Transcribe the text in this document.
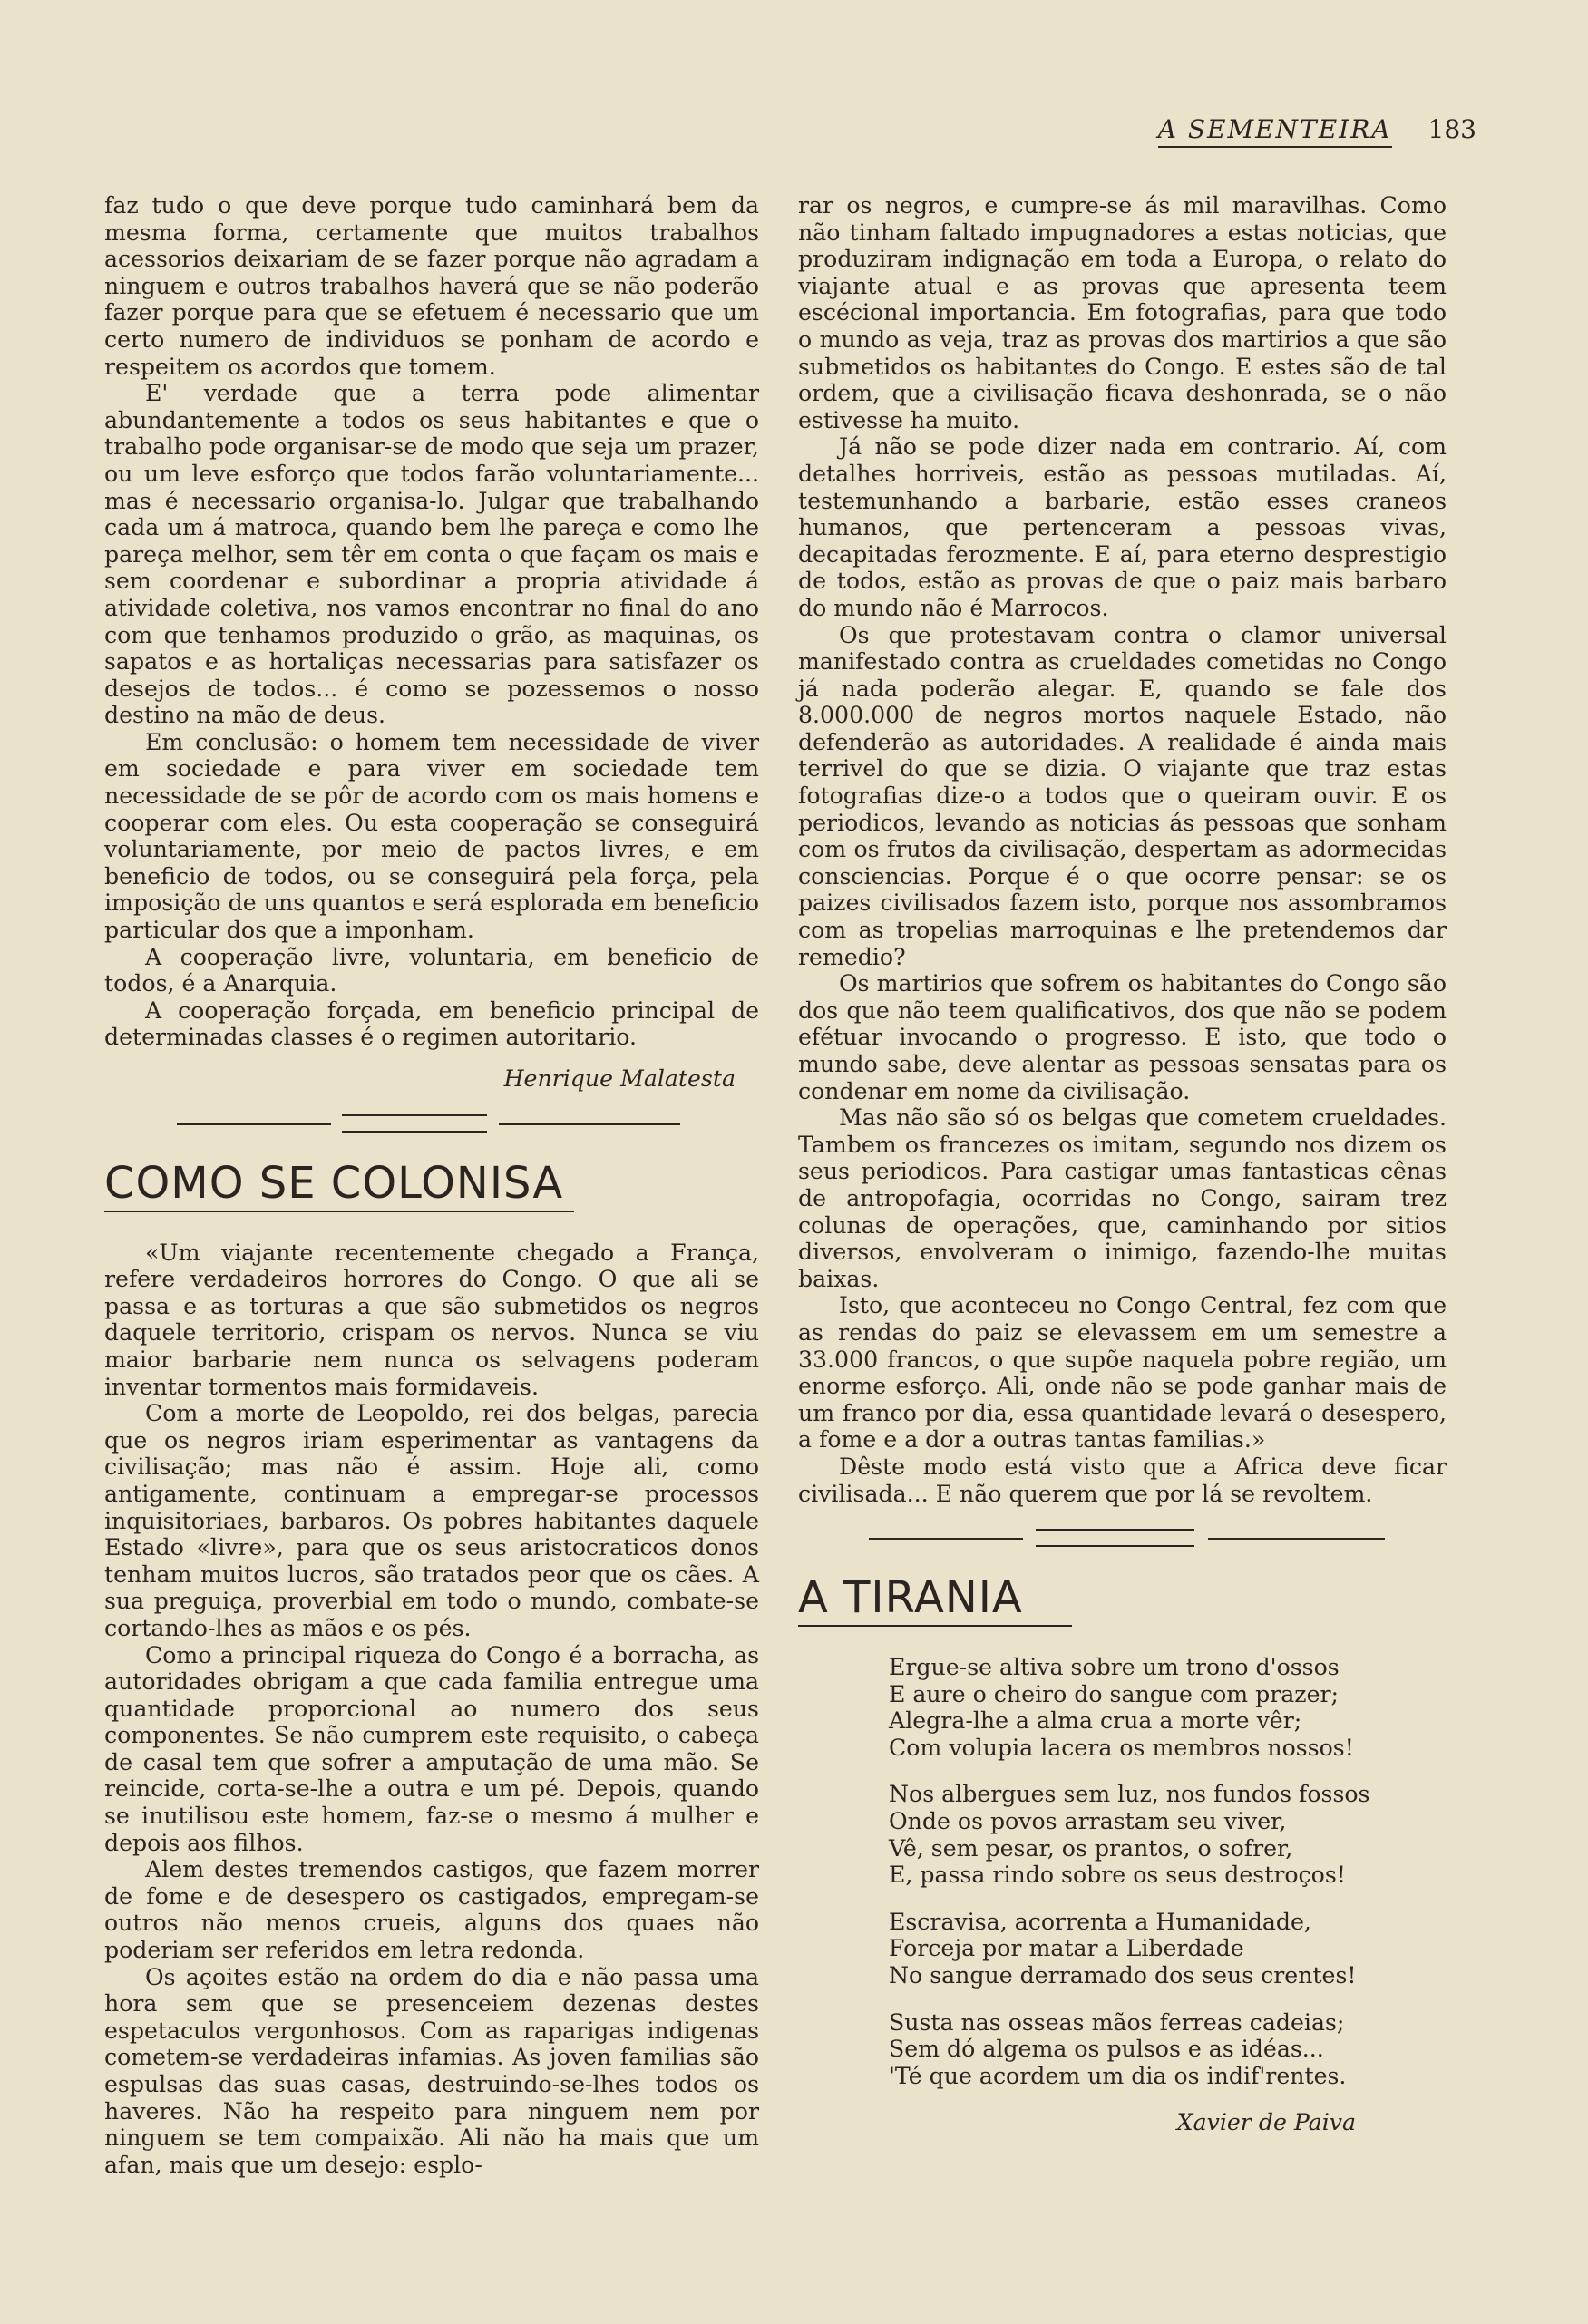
A SEMENTEIRA 183

faz tudo o que deve porque tudo caminhará bem da mesma forma, certamente que muitos trabalhos acessorios deixariam de se fazer porque não agradam a ninguem e outros trabalhos haverá que se não poderão fazer porque para que se efetuem é necessario que um certo numero de individuos se ponham de acordo e respeitem os acordos que tomem.

E' verdade que a terra pode alimentar abundantemente a todos os seus habitantes e que o trabalho pode organisar-se de modo que seja um prazer, ou um leve esforço que todos farão voluntariamente... mas é necessario organisa-lo. Julgar que trabalhando cada um á matroca, quando bem lhe pareça e como lhe pareça melhor, sem têr em conta o que façam os mais e sem coordenar e subordinar a propria atividade á atividade coletiva, nos vamos encontrar no final do ano com que tenhamos produzido o grão, as maquinas, os sapatos e as hortaliças necessarias para satisfazer os desejos de todos... é como se pozessemos o nosso destino na mão de deus.

Em conclusão: o homem tem necessidade de viver em sociedade e para viver em sociedade tem necessidade de se pôr de acordo com os mais homens e cooperar com eles. Ou esta cooperação se conseguirá voluntariamente, por meio de pactos livres, e em beneficio de todos, ou se conseguirá pela força, pela imposição de uns quantos e será esplorada em beneficio particular dos que a imponham.

A cooperação livre, voluntaria, em beneficio de todos, é a Anarquia.

A cooperação forçada, em beneficio principal de determinadas classes é o regimen autoritario.

Henrique Malatesta

COMO SE COLONISA

«Um viajante recentemente chegado a França, refere verdadeiros horrores do Congo. O que ali se passa e as torturas a que são submetidos os negros daquele territorio, crispam os nervos. Nunca se viu maior barbarie nem nunca os selvagens poderam inventar tormentos mais formidaveis.

Com a morte de Leopoldo, rei dos belgas, parecia que os negros iriam esperimentar as vantagens da civilisação; mas não é assim. Hoje ali, como antigamente, continuam a empregar-se processos inquisitoriaes, barbaros. Os pobres habitantes daquele Estado «livre», para que os seus aristocraticos donos tenham muitos lucros, são tratados peor que os cães. A sua preguiça, proverbial em todo o mundo, combate-se cortando-lhes as mãos e os pés.

Como a principal riqueza do Congo é a borracha, as autoridades obrigam a que cada familia entregue uma quantidade proporcional ao numero dos seus componentes. Se não cumprem este requisito, o cabeça de casal tem que sofrer a amputação de uma mão. Se reincide, corta-se-lhe a outra e um pé. Depois, quando se inutilisou este homem, faz-se o mesmo á mulher e depois aos filhos.

Alem destes tremendos castigos, que fazem morrer de fome e de desespero os castigados, empregam-se outros não menos crueis, alguns dos quaes não poderiam ser referidos em letra redonda.

Os açoites estão na ordem do dia e não passa uma hora sem que se presenceiem dezenas destes espetaculos vergonhosos. Com as raparigas indigenas cometem-se verdadeiras infamias. As joven familias são espulsas das suas casas, destruindo-se-lhes todos os haveres. Não ha respeito para ninguem nem por ninguem se tem compaixão. Ali não ha mais que um afan, mais que um desejo: esplo-

rar os negros, e cumpre-se ás mil maravilhas. Como não tinham faltado impugnadores a estas noticias, que produziram indignação em toda a Europa, o relato do viajante atual e as provas que apresenta teem escécional importancia. Em fotografias, para que todo o mundo as veja, traz as provas dos martirios a que são submetidos os habitantes do Congo. E estes são de tal ordem, que a civilisação ficava deshonrada, se o não estivesse ha muito.

Já não se pode dizer nada em contrario. Aí, com detalhes horriveis, estão as pessoas mutiladas. Aí, testemunhando a barbarie, estão esses craneos humanos, que pertenceram a pessoas vivas, decapitadas ferozmente. E aí, para eterno desprestigio de todos, estão as provas de que o paiz mais barbaro do mundo não é Marrocos.

Os que protestavam contra o clamor universal manifestado contra as crueldades cometidas no Congo já nada poderão alegar. E, quando se fale dos 8.000.000 de negros mortos naquele Estado, não defenderão as autoridades. A realidade é ainda mais terrivel do que se dizia. O viajante que traz estas fotografias dize-o a todos que o queiram ouvir. E os periodicos, levando as noticias ás pessoas que sonham com os frutos da civilisação, despertam as adormecidas consciencias. Porque é o que ocorre pensar: se os paizes civilisados fazem isto, porque nos assombramos com as tropelias marroquinas e lhe pretendemos dar remedio?

Os martirios que sofrem os habitantes do Congo são dos que não teem qualificativos, dos que não se podem efétuar invocando o progresso. E isto, que todo o mundo sabe, deve alentar as pessoas sensatas para os condenar em nome da civilisação.

Mas não são só os belgas que cometem crueldades. Tambem os francezes os imitam, segundo nos dizem os seus periodicos. Para castigar umas fantasticas cênas de antropofagia, ocorridas no Congo, sairam trez colunas de operações, que, caminhando por sitios diversos, envolveram o inimigo, fazendo-lhe muitas baixas.

Isto, que aconteceu no Congo Central, fez com que as rendas do paiz se elevassem em um semestre a 33.000 francos, o que supõe naquela pobre região, um enorme esforço. Ali, onde não se pode ganhar mais de um franco por dia, essa quantidade levará o desespero, a fome e a dor a outras tantas familias.»

Dêste modo está visto que a Africa deve ficar civilisada... E não querem que por lá se revoltem.

A TIRANIA
Ergue-se altiva sobre um trono d'ossos
E aure o cheiro do sangue com prazer;
Alegra-lhe a alma crua a morte vêr;
Com volupia lacera os membros nossos!
Nos albergues sem luz, nos fundos fossos
Onde os povos arrastam seu viver,
Vê, sem pesar, os prantos, o sofrer,
E, passa rindo sobre os seus destroços!
Escravisa, acorrenta a Humanidade,
Forceja por matar a Liberdade
No sangue derramado dos seus crentes!
Susta nas osseas mãos ferreas cadeias;
Sem dó algema os pulsos e as idéas...
'Té que acordem um dia os indif'rentes.

Xavier de Paiva
